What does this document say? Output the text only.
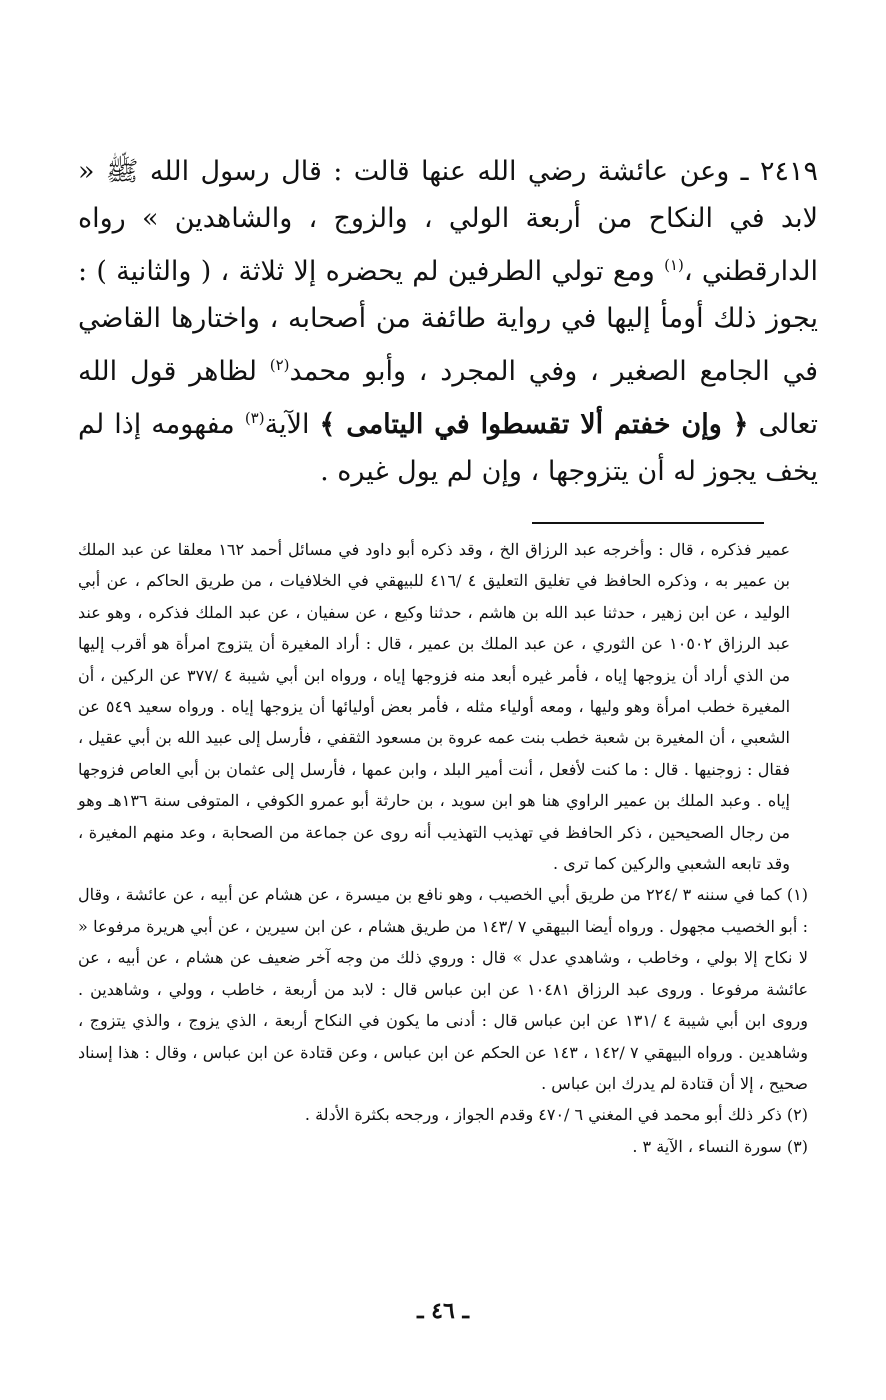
٢٤١٩ ـ وعن عائشة رضي الله عنها قالت : قال رسول الله ﷺ « لابد في النكاح من أربعة الولي ، والزوج ، والشاهدين » رواه الدارقطني ،$^{(١)}$ ومع تولي الطرفين لم يحضره إلا ثلاثة ، ( والثانية ) : يجوز ذلك أومأ إليها في رواية طائفة من أصحابه ، واختارها القاضي في الجامع الصغير ، وفي المجرد ، وأبو محمد$^{(٢)}$ لظاهر قول الله تعالى ﴿ وإن خفتم ألا تقسطوا في اليتامى ﴾ الآية$^{(٣)}$ مفهومه إذا لم يخف يجوز له أن يتزوجها ، وإن لم يول غيره .

عمير فذكره ، قال : وأخرجه عبد الرزاق الخ ، وقد ذكره أبو داود في مسائل أحمد ١٦٢ معلقا عن عبد الملك بن عمير به ، وذكره الحافظ في تغليق التعليق ٤ /٤١٦ للبيهقي في الخلافيات ، من طريق الحاكم ، عن أبي الوليد ، عن ابن زهير ، حدثنا عبد الله بن هاشم ، حدثنا وكيع ، عن سفيان ، عن عبد الملك فذكره ، وهو عند عبد الرزاق ١٠٥٠٢ عن الثوري ، عن عبد الملك بن عمير ، قال : أراد المغيرة أن يتزوج امرأة هو أقرب إليها من الذي أراد أن يزوجها إياه ، فأمر غيره أبعد منه فزوجها إياه ، ورواه ابن أبي شيبة ٤ /٣٧٧ عن الركين ، أن المغيرة خطب امرأة وهو وليها ، ومعه أولياء مثله ، فأمر بعض أوليائها أن يزوجها إياه . ورواه سعيد ٥٤٩ عن الشعبي ، أن المغيرة بن شعبة خطب بنت عمه عروة بن مسعود الثقفي ، فأرسل إلى عبيد الله بن أبي عقيل ، فقال : زوجنيها . قال : ما كنت لأفعل ، أنت أمير البلد ، وابن عمها ، فأرسل إلى عثمان بن أبي العاص فزوجها إياه . وعبد الملك بن عمير الراوي هنا هو ابن سويد ، بن حارثة أبو عمرو الكوفي ، المتوفى سنة ١٣٦هـ وهو من رجال الصحيحين ، ذكر الحافظ في تهذيب التهذيب أنه روى عن جماعة من الصحابة ، وعد منهم المغيرة ، وقد تابعه الشعبي والركين كما ترى .

(١) كما في سننه ٣ /٢٢٤ من طريق أبي الخصيب ، وهو نافع بن ميسرة ، عن هشام عن أبيه ، عن عائشة ، وقال : أبو الخصيب مجهول . ورواه أيضا البيهقي ٧ /١٤٣ من طريق هشام ، عن ابن سيرين ، عن أبي هريرة مرفوعا « لا نكاح إلا بولي ، وخاطب ، وشاهدي عدل » قال : وروي ذلك من وجه آخر ضعيف عن هشام ، عن أبيه ، عن عائشة مرفوعا . وروى عبد الرزاق ١٠٤٨١ عن ابن عباس قال : لابد من أربعة ، خاطب ، وولي ، وشاهدين . وروى ابن أبي شيبة ٤ /١٣١ عن ابن عباس قال : أدنى ما يكون في النكاح أربعة ، الذي يزوج ، والذي يتزوج ، وشاهدين . ورواه البيهقي ٧ /١٤٢ ، ١٤٣ عن الحكم عن ابن عباس ، وعن قتادة عن ابن عباس ، وقال : هذا إسناد صحيح ، إلا أن قتادة لم يدرك ابن عباس .

(٢) ذكر ذلك أبو محمد في المغني ٦ /٤٧٠ وقدم الجواز ، ورجحه بكثرة الأدلة .

(٣) سورة النساء ، الآية ٣ .

ـ ٤٦ ـ
